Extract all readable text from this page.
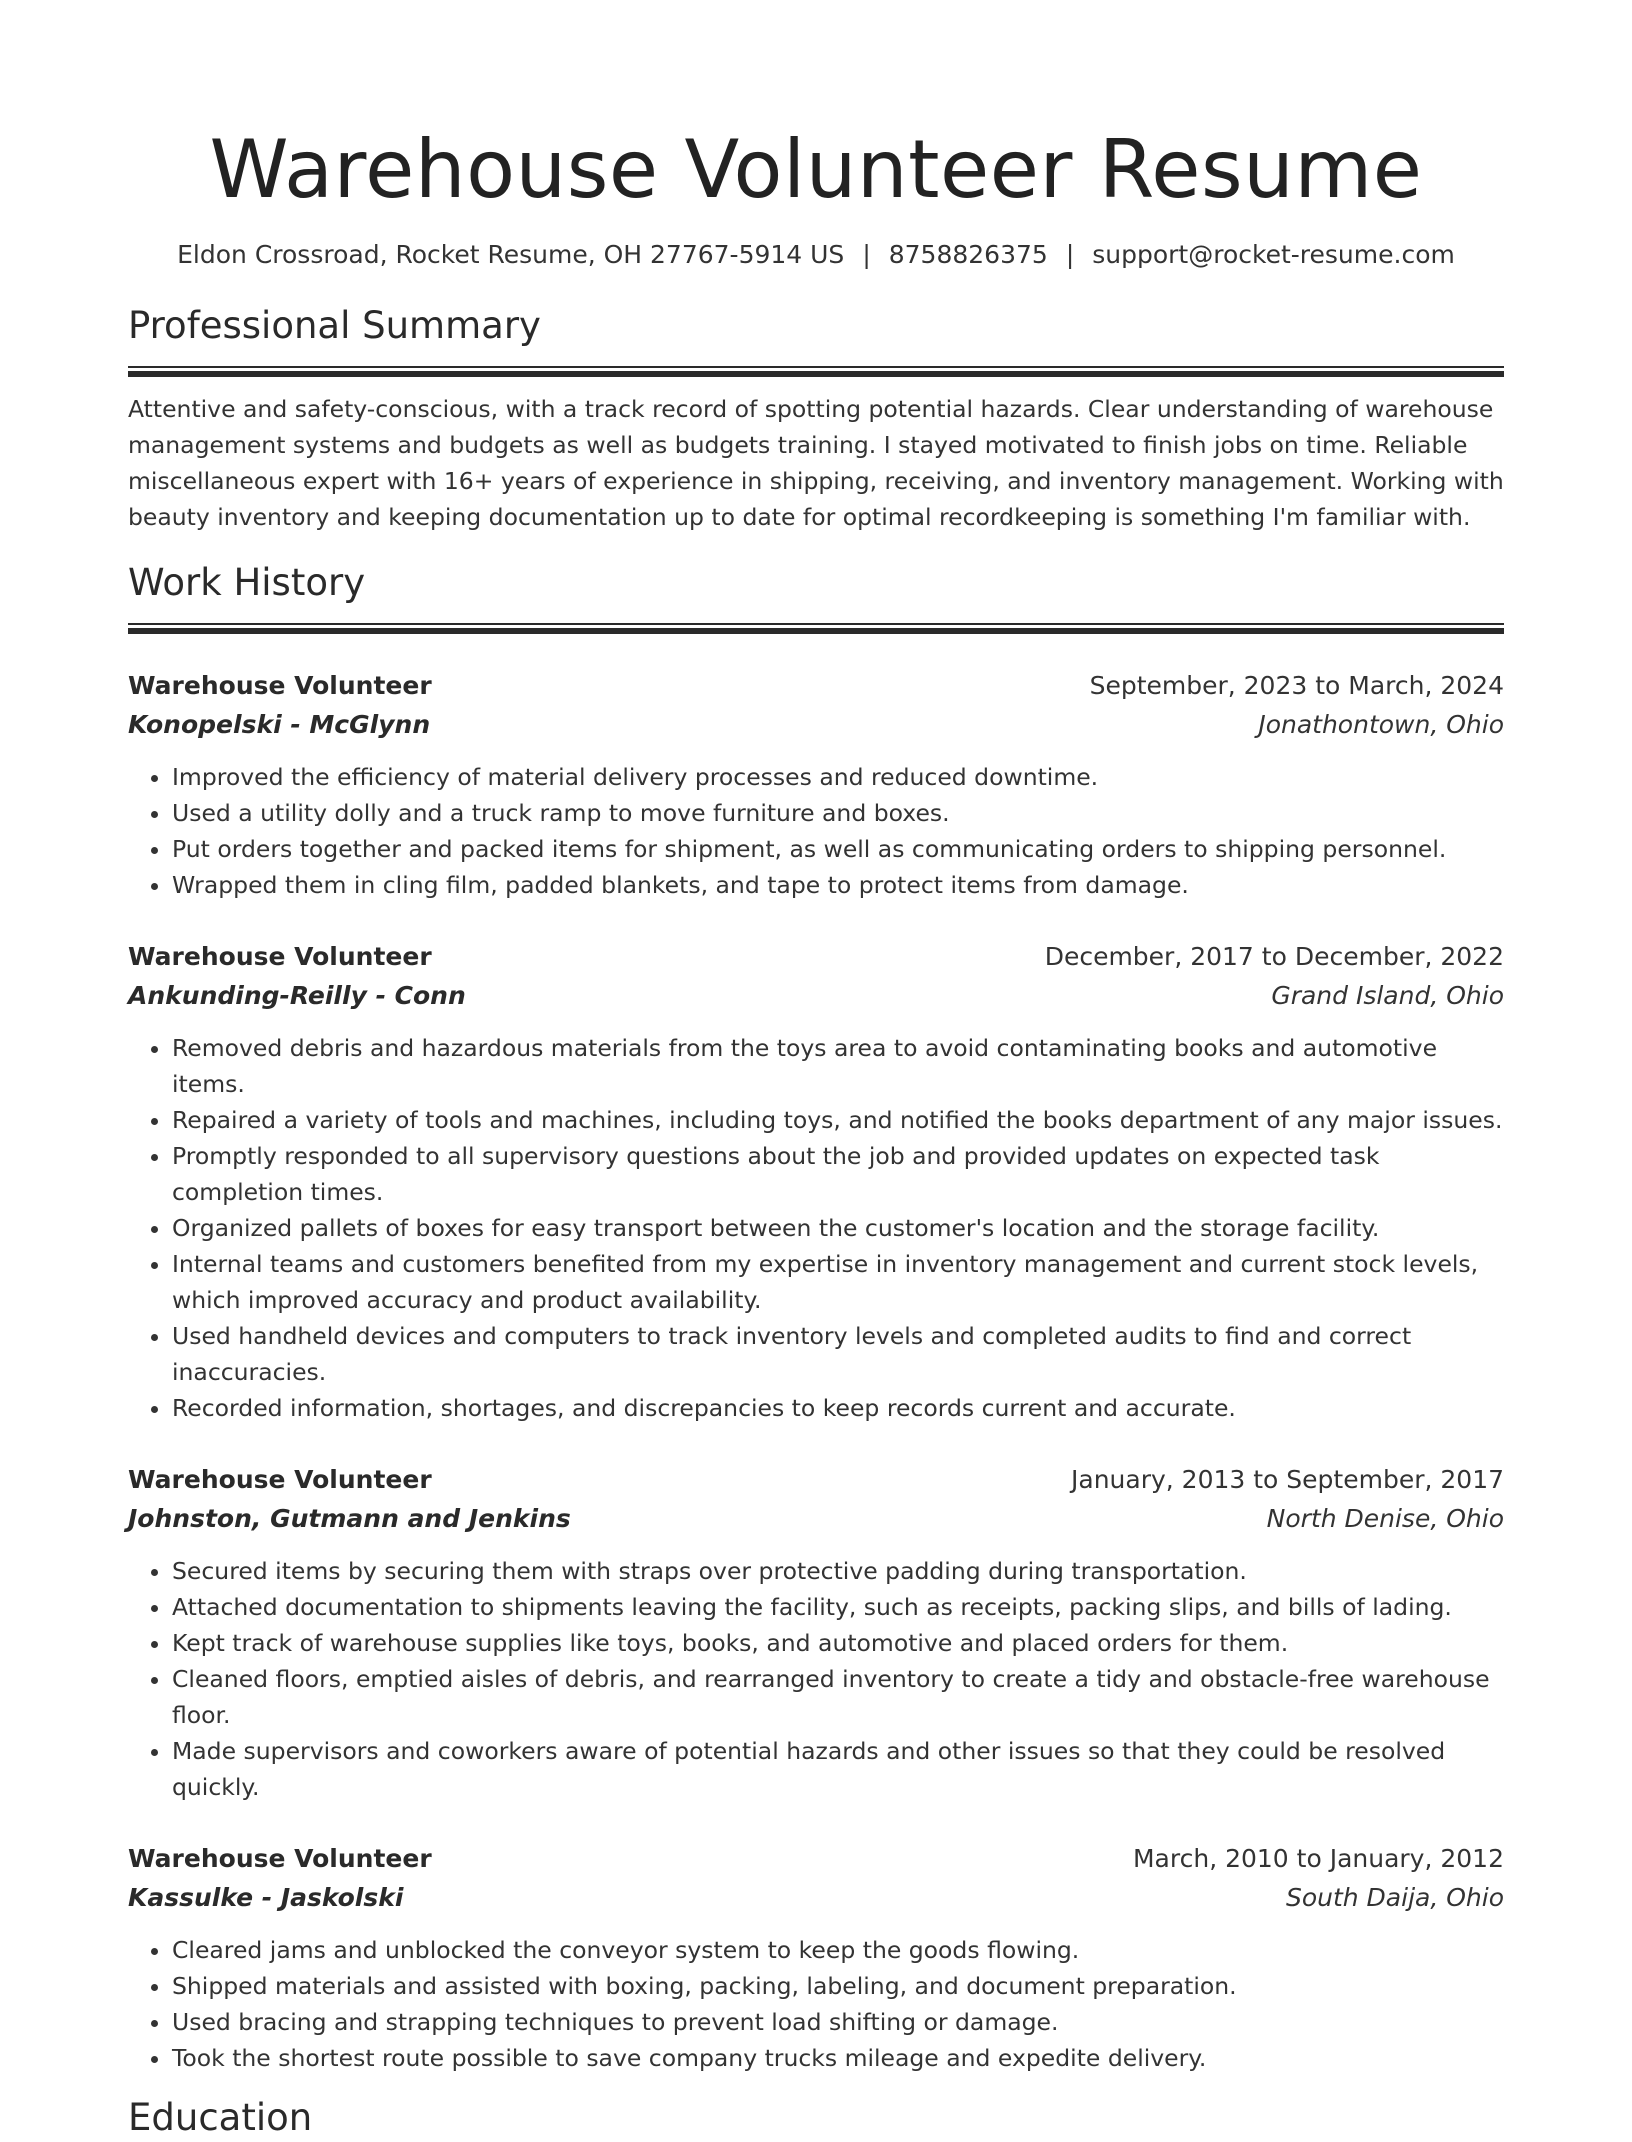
Warehouse Volunteer Resume
Eldon Crossroad, Rocket Resume, OH 27767-5914 US | 8758826375 | support@rocket-resume.com
Professional Summary
Attentive and safety-conscious, with a track record of spotting potential hazards. Clear understanding of warehouse management systems and budgets as well as budgets training. I stayed motivated to finish jobs on time. Reliable miscellaneous expert with 16+ years of experience in shipping, receiving, and inventory management. Working with beauty inventory and keeping documentation up to date for optimal recordkeeping is something I'm familiar with.
Work History
Warehouse Volunteer	September, 2023 to March, 2024
Konopelski - McGlynn	Jonathontown, Ohio
• Improved the efficiency of material delivery processes and reduced downtime.
• Used a utility dolly and a truck ramp to move furniture and boxes.
• Put orders together and packed items for shipment, as well as communicating orders to shipping personnel.
• Wrapped them in cling film, padded blankets, and tape to protect items from damage.
Warehouse Volunteer	December, 2017 to December, 2022
Ankunding-Reilly - Conn	Grand Island, Ohio
• Removed debris and hazardous materials from the toys area to avoid contaminating books and automotive items.
• Repaired a variety of tools and machines, including toys, and notified the books department of any major issues.
• Promptly responded to all supervisory questions about the job and provided updates on expected task completion times.
• Organized pallets of boxes for easy transport between the customer's location and the storage facility.
• Internal teams and customers benefited from my expertise in inventory management and current stock levels, which improved accuracy and product availability.
• Used handheld devices and computers to track inventory levels and completed audits to find and correct inaccuracies.
• Recorded information, shortages, and discrepancies to keep records current and accurate.
Warehouse Volunteer	January, 2013 to September, 2017
Johnston, Gutmann and Jenkins	North Denise, Ohio
• Secured items by securing them with straps over protective padding during transportation.
• Attached documentation to shipments leaving the facility, such as receipts, packing slips, and bills of lading.
• Kept track of warehouse supplies like toys, books, and automotive and placed orders for them.
• Cleaned floors, emptied aisles of debris, and rearranged inventory to create a tidy and obstacle-free warehouse floor.
• Made supervisors and coworkers aware of potential hazards and other issues so that they could be resolved quickly.
Warehouse Volunteer	March, 2010 to January, 2012
Kassulke - Jaskolski	South Daija, Ohio
• Cleared jams and unblocked the conveyor system to keep the goods flowing.
• Shipped materials and assisted with boxing, packing, labeling, and document preparation.
• Used bracing and strapping techniques to prevent load shifting or damage.
• Took the shortest route possible to save company trucks mileage and expedite delivery.
Education
